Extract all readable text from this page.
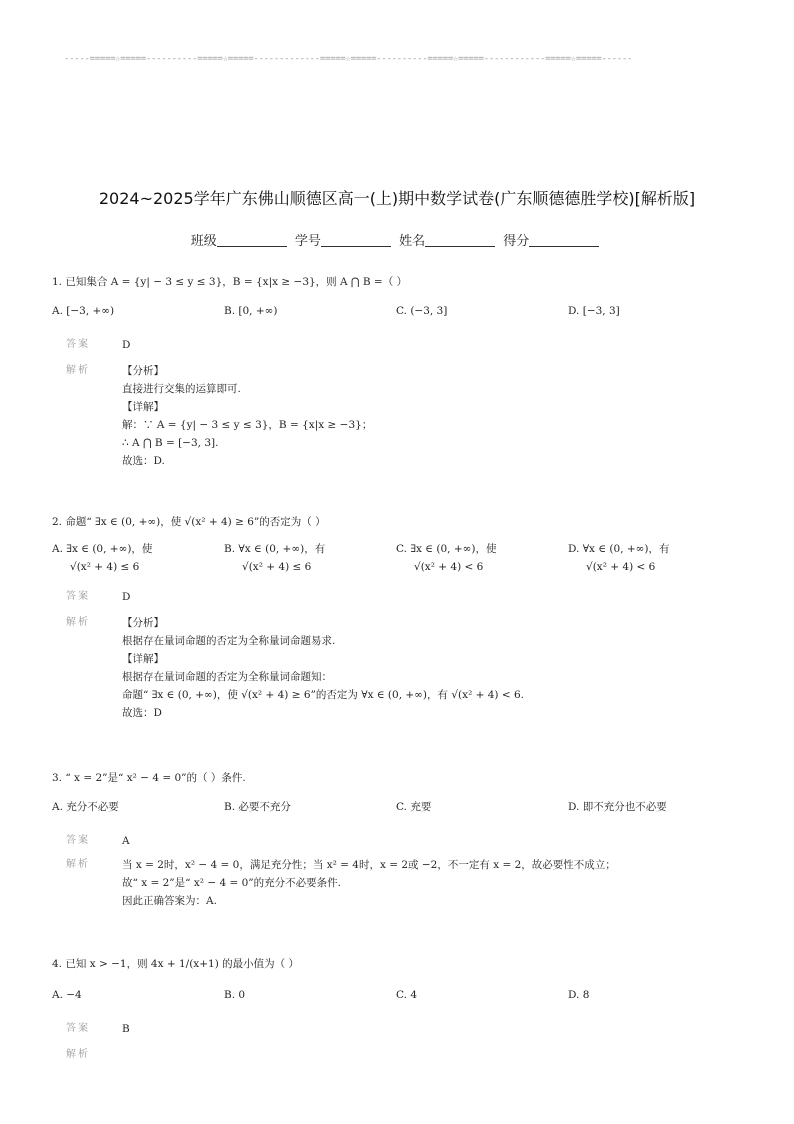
-----=====☆=====----------=====☆=====-------------=====☆=====----------=====☆=====------------=====☆=====------
2024~2025学年广东佛山顺德区高一(上)期中数学试卷(广东顺德德胜学校)[解析版]
班级	学号	姓名	得分
1. 已知集合 A = {y| − 3 ≤ y ≤ 3}，B = {x|x ≥ −3}，则 A ⋂ B =（ ）
A. [−3, +∞)	B. [0, +∞)	C. (−3, 3]	D. [−3, 3]
答案	D
解析	【分析】
直接进行交集的运算即可.
【详解】
解：∵ A = {y| − 3 ≤ y ≤ 3}，B = {x|x ≥ −3}；
∴ A ⋂ B = [−3, 3].
故选：D.
2. 命题“ ∃x ∈ (0, +∞)，使 √(x² + 4) ≥ 6”的否定为（ ）
A. ∃x ∈ (0, +∞)，使
√(x² + 4) ≤ 6
B. ∀x ∈ (0, +∞)，有
√(x² + 4) ≤ 6
C. ∃x ∈ (0, +∞)，使
√(x² + 4) < 6
D. ∀x ∈ (0, +∞)，有
√(x² + 4) < 6
答案	D
解析	【分析】
根据存在量词命题的否定为全称量词命题易求.
【详解】
根据存在量词命题的否定为全称量词命题知：
命题“ ∃x ∈ (0, +∞)，使 √(x² + 4) ≥ 6”的否定为 ∀x ∈ (0, +∞)，有 √(x² + 4) < 6.
故选：D
3. “ x = 2”是“ x² − 4 = 0”的（ ）条件.
A. 充分不必要	B. 必要不充分	C. 充要	D. 即不充分也不必要
答案	A
解析	当 x = 2时，x² − 4 = 0，满足充分性；当 x² = 4时，x = 2或 −2，不一定有 x = 2，故必要性不成立；
故“ x = 2”是“ x² − 4 = 0”的充分不必要条件.
因此正确答案为：A.
4. 已知 x > −1，则 4x + 1/(x+1) 的最小值为（ ）
A. −4	B. 0	C. 4	D. 8
答案	B
解析
